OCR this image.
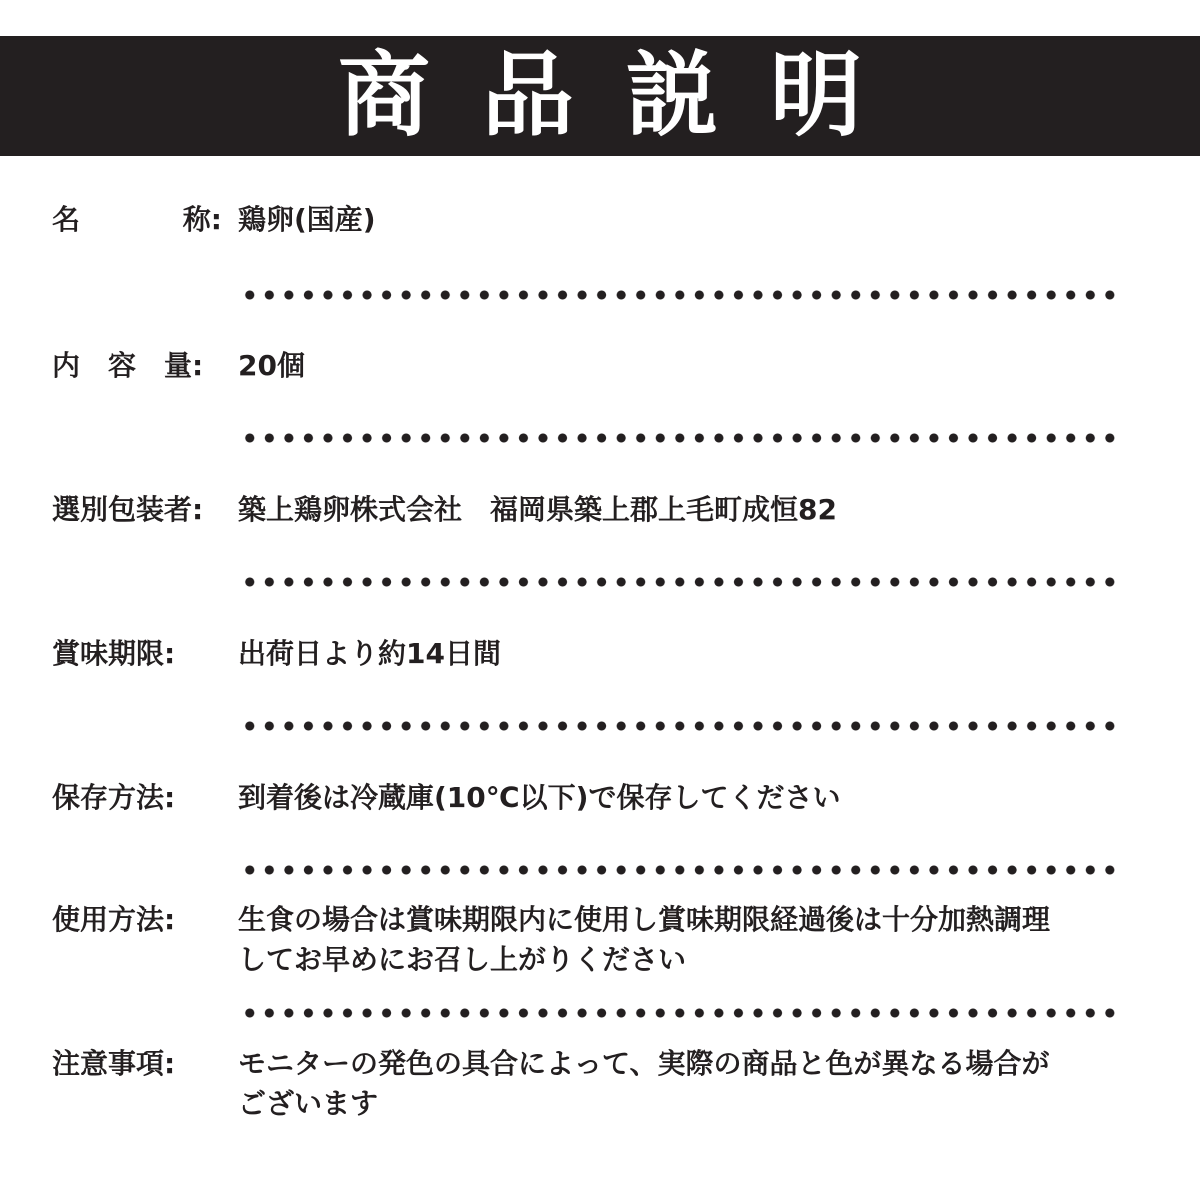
商品説明
名	称: 鶏卵(国産)
内　容　量: 20個
選別包装者: 築上鶏卵株式会社　福岡県築上郡上毛町成恒82
賞味期限: 出荷日より約14日間
保存方法: 到着後は冷蔵庫(10℃以下)で保存してください
使用方法: 生食の場合は賞味期限内に使用し賞味期限経過後は十分加熱調理
してお早めにお召し上がりください
注意事項: モニターの発色の具合によって、実際の商品と色が異なる場合が
ございます
